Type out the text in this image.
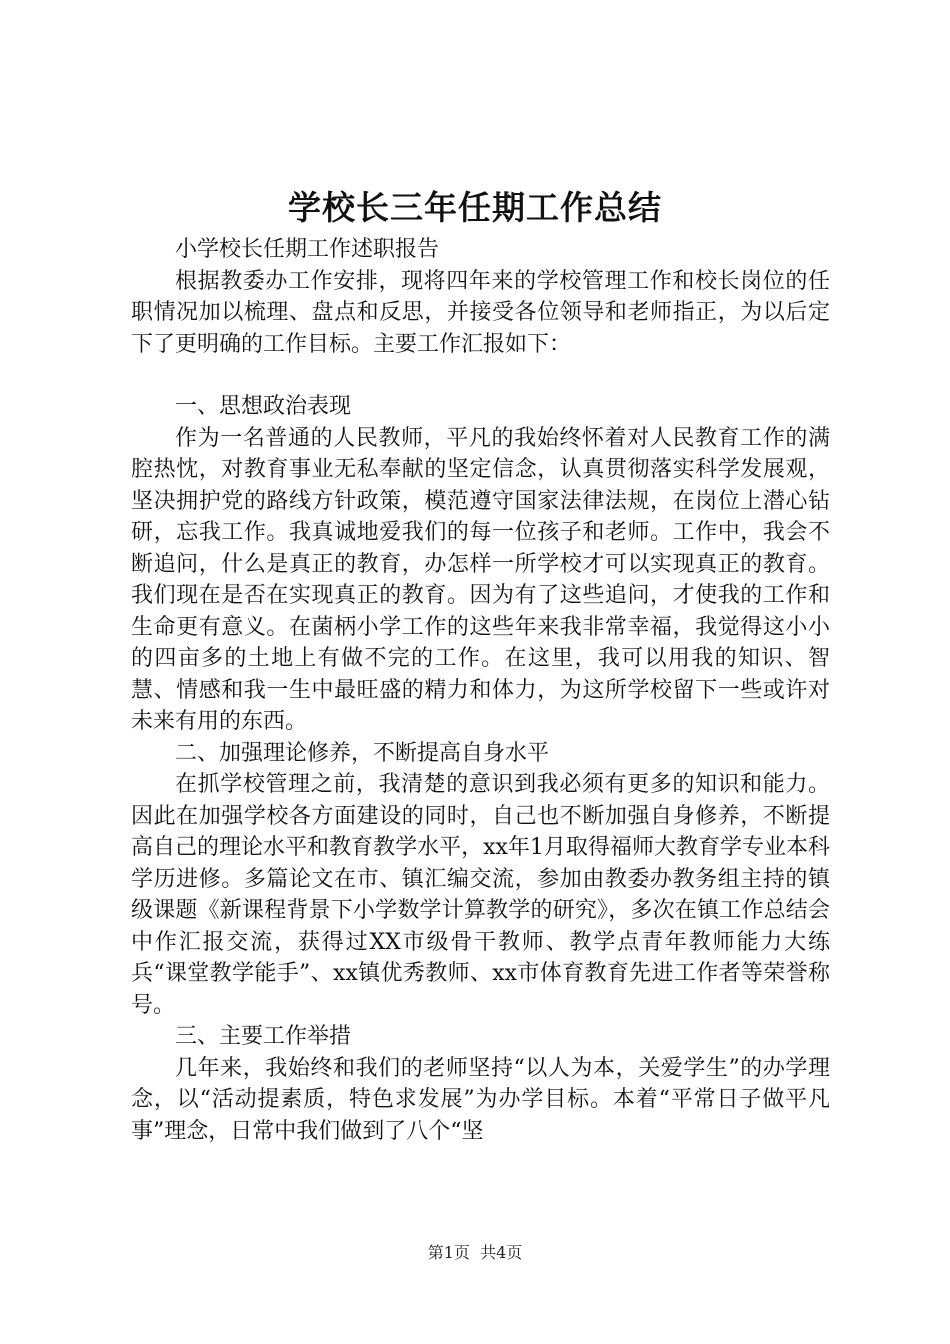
学校长三年任期工作总结

小学校长任期工作述职报告

根据教委办工作安排，现将四年来的学校管理工作和校长岗位的任职情况加以梳理、盘点和反思，并接受各位领导和老师指正，为以后定下了更明确的工作目标。主要工作汇报如下：

一、思想政治表现

作为一名普通的人民教师，平凡的我始终怀着对人民教育工作的满腔热忱，对教育事业无私奉献的坚定信念，认真贯彻落实科学发展观，坚决拥护党的路线方针政策，模范遵守国家法律法规，在岗位上潜心钻研，忘我工作。我真诚地爱我们的每一位孩子和老师。工作中，我会不断追问，什么是真正的教育，办怎样一所学校才可以实现真正的教育。我们现在是否在实现真正的教育。因为有了这些追问，才使我的工作和生命更有意义。在菌柄小学工作的这些年来我非常幸福，我觉得这小小的四亩多的土地上有做不完的工作。在这里，我可以用我的知识、智慧、情感和我一生中最旺盛的精力和体力，为这所学校留下一些或许对未来有用的东西。

二、加强理论修养，不断提高自身水平

在抓学校管理之前，我清楚的意识到我必须有更多的知识和能力。因此在加强学校各方面建设的同时，自己也不断加强自身修养，不断提高自己的理论水平和教育教学水平，xx年1月取得福师大教育学专业本科学历进修。多篇论文在市、镇汇编交流，参加由教委办教务组主持的镇级课题《新课程背景下小学数学计算教学的研究》，多次在镇工作总结会中作汇报交流，获得过XX市级骨干教师、教学点青年教师能力大练兵“课堂教学能手”、xx镇优秀教师、xx市体育教育先进工作者等荣誉称号。

三、主要工作举措

几年来，我始终和我们的老师坚持“以人为本，关爱学生”的办学理念，以“活动提素质，特色求发展”为办学目标。本着“平常日子做平凡事”理念，日常中我们做到了八个“坚

第1页  共4页
